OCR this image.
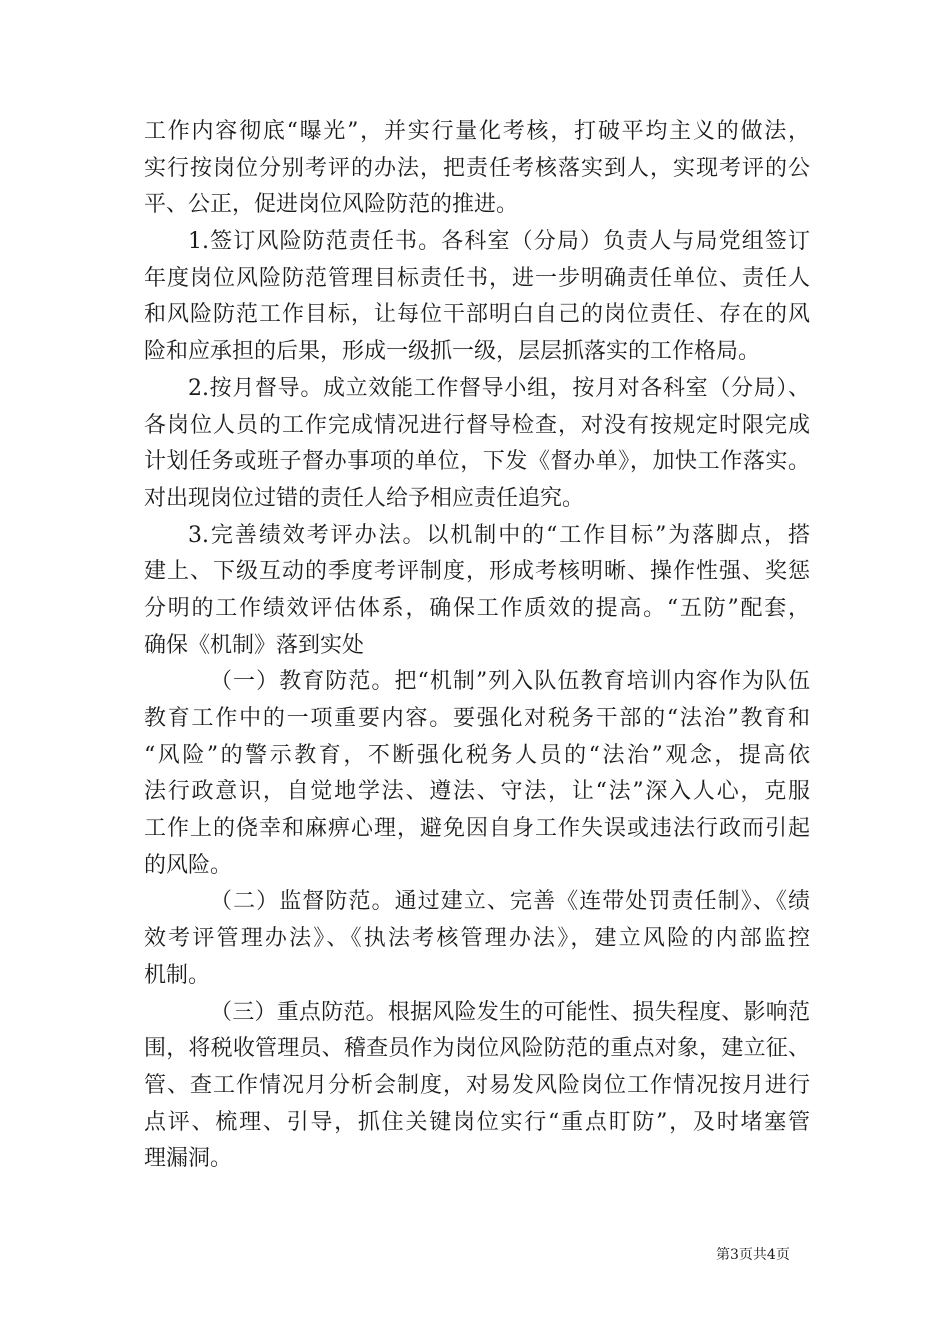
工作内容彻底“曝光”，并实行量化考核，打破平均主义的做法，
实行按岗位分别考评的办法，把责任考核落实到人，实现考评的公
平、公正，促进岗位风险防范的推进。
1.签订风险防范责任书。各科室（分局）负责人与局党组签订
年度岗位风险防范管理目标责任书，进一步明确责任单位、责任人
和风险防范工作目标，让每位干部明白自己的岗位责任、存在的风
险和应承担的后果，形成一级抓一级，层层抓落实的工作格局。
2.按月督导。成立效能工作督导小组，按月对各科室（分局）、
各岗位人员的工作完成情况进行督导检查，对没有按规定时限完成
计划任务或班子督办事项的单位，下发《督办单》，加快工作落实。
对出现岗位过错的责任人给予相应责任追究。
3.完善绩效考评办法。以机制中的“工作目标”为落脚点，搭
建上、下级互动的季度考评制度，形成考核明晰、操作性强、奖惩
分明的工作绩效评估体系，确保工作质效的提高。“五防”配套，
确保《机制》落到实处
（一）教育防范。把“机制”列入队伍教育培训内容作为队伍
教育工作中的一项重要内容。要强化对税务干部的“法治”教育和
“风险”的警示教育，不断强化税务人员的“法治”观念，提高依
法行政意识，自觉地学法、遵法、守法，让“法”深入人心，克服
工作上的侥幸和麻痹心理，避免因自身工作失误或违法行政而引起
的风险。
（二）监督防范。通过建立、完善《连带处罚责任制》、《绩
效考评管理办法》、《执法考核管理办法》，建立风险的内部监控
机制。
（三）重点防范。根据风险发生的可能性、损失程度、影响范
围，将税收管理员、稽查员作为岗位风险防范的重点对象，建立征、
管、查工作情况月分析会制度，对易发风险岗位工作情况按月进行
点评、梳理、引导，抓住关键岗位实行“重点盯防”，及时堵塞管
理漏洞。
第3页共4页
